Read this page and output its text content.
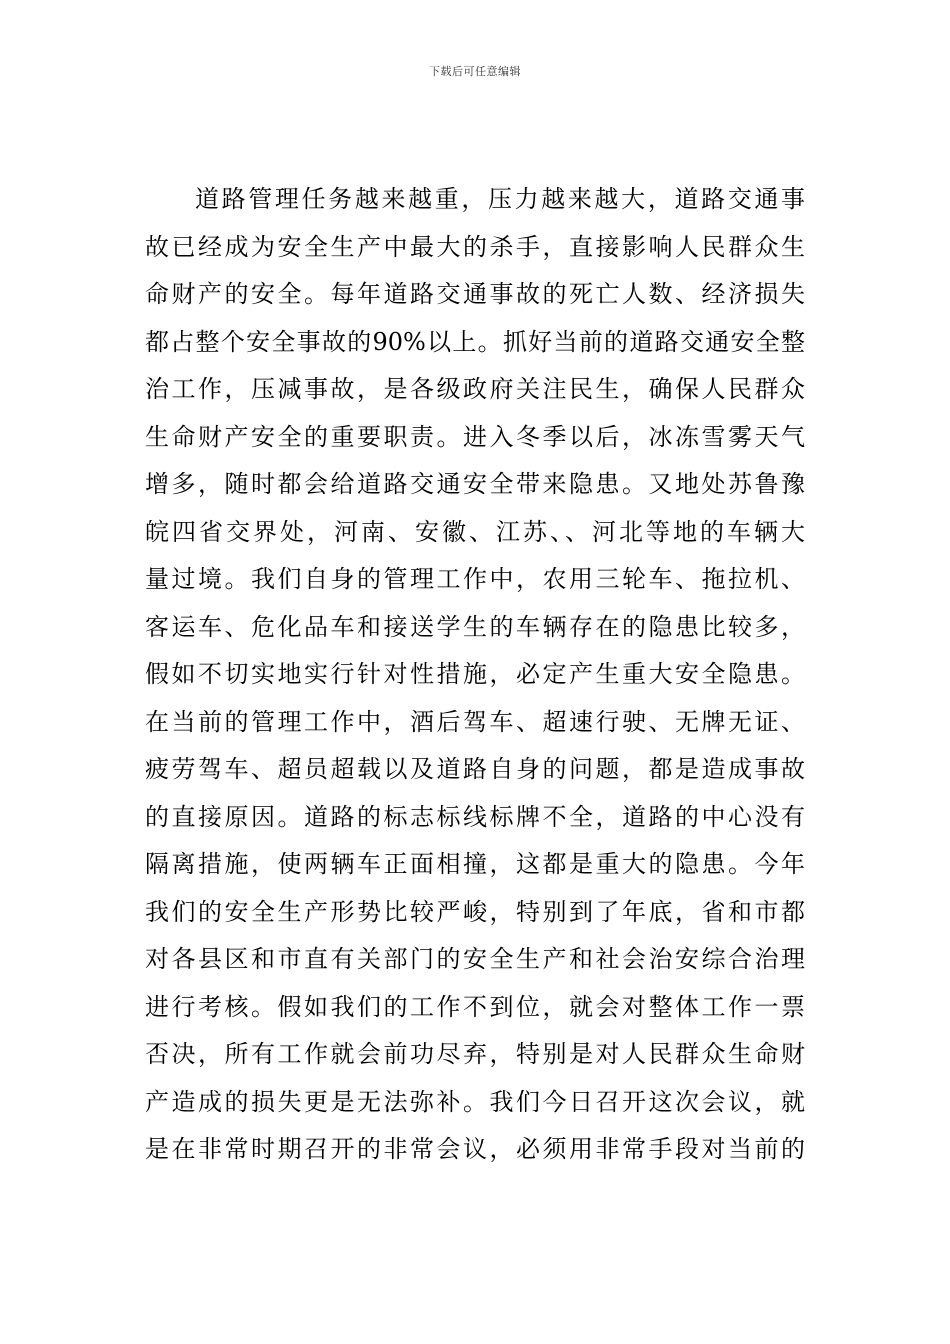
下载后可任意编辑
道路管理任务越来越重，压力越来越大，道路交通事
故已经成为安全生产中最大的杀手，直接影响人民群众生
命财产的安全。每年道路交通事故的死亡人数、经济损失
都占整个安全事故的90%以上。抓好当前的道路交通安全整
治工作，压减事故，是各级政府关注民生，确保人民群众
生命财产安全的重要职责。进入冬季以后，冰冻雪雾天气
增多，随时都会给道路交通安全带来隐患。又地处苏鲁豫
皖四省交界处，河南、安徽、江苏、、河北等地的车辆大
量过境。我们自身的管理工作中，农用三轮车、拖拉机、
客运车、危化品车和接送学生的车辆存在的隐患比较多，
假如不切实地实行针对性措施，必定产生重大安全隐患。
在当前的管理工作中，酒后驾车、超速行驶、无牌无证、
疲劳驾车、超员超载以及道路自身的问题，都是造成事故
的直接原因。道路的标志标线标牌不全，道路的中心没有
隔离措施，使两辆车正面相撞，这都是重大的隐患。今年
我们的安全生产形势比较严峻，特别到了年底，省和市都
对各县区和市直有关部门的安全生产和社会治安综合治理
进行考核。假如我们的工作不到位，就会对整体工作一票
否决，所有工作就会前功尽弃，特别是对人民群众生命财
产造成的损失更是无法弥补。我们今日召开这次会议，就
是在非常时期召开的非常会议，必须用非常手段对当前的
